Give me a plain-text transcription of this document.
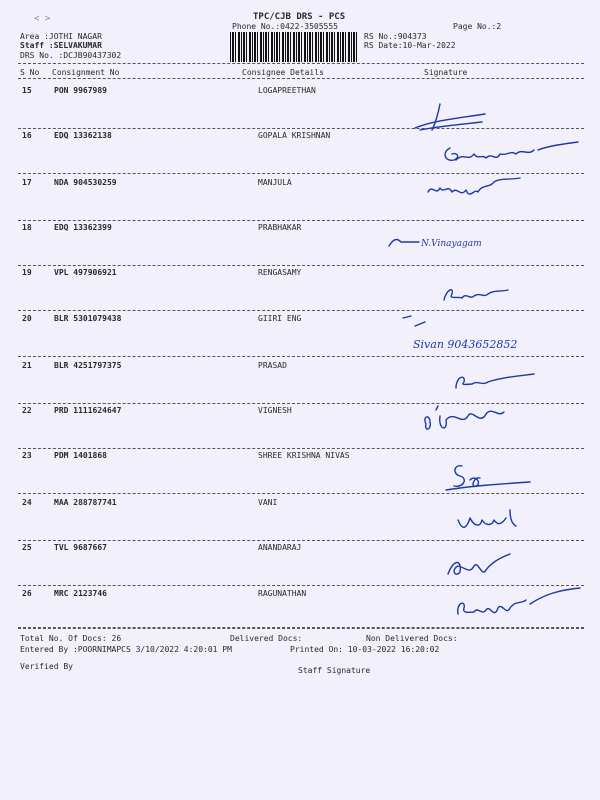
< >	TPC/CJB DRS - PCS
Phone No.:0422-3505555	Page No.:2
Area :JOTHI NAGAR
Staff :SELVAKUMAR
DRS No. :DCJB90437302
RS No.:904373
RS Date:10-Mar-2022
S No Consignment No	Consignee Details	Signature
15	PON 9967989	LOGAPREETHAN
16	EDQ 13362138	GOPALA KRISHNAN
17	NDA 904530259	MANJULA
18	EDQ 13362399	PRABHAKAR
19	VPL 497906921	RENGASAMY
20	BLR 5301079438	GIIRI ENG
21	BLR 4251797375	PRASAD
22	PRD 1111624647	VIGNESH
23	PDM 1401868	SHREE KRISHNA NIVAS
24	MAA 288787741	VANI
25	TVL 9687667	ANANDARAJ
26	MRC 2123746	RAGUNATHAN
N.Vinayagam
Sivan 9043652852
Total No. Of Docs: 26	Delivered Docs:	Non Delivered Docs:
Entered By :POORNIMAPCS 3/10/2022 4:20:01 PM	Printed On: 10-03-2022 16:20:02
Verified By	Staff Signature
